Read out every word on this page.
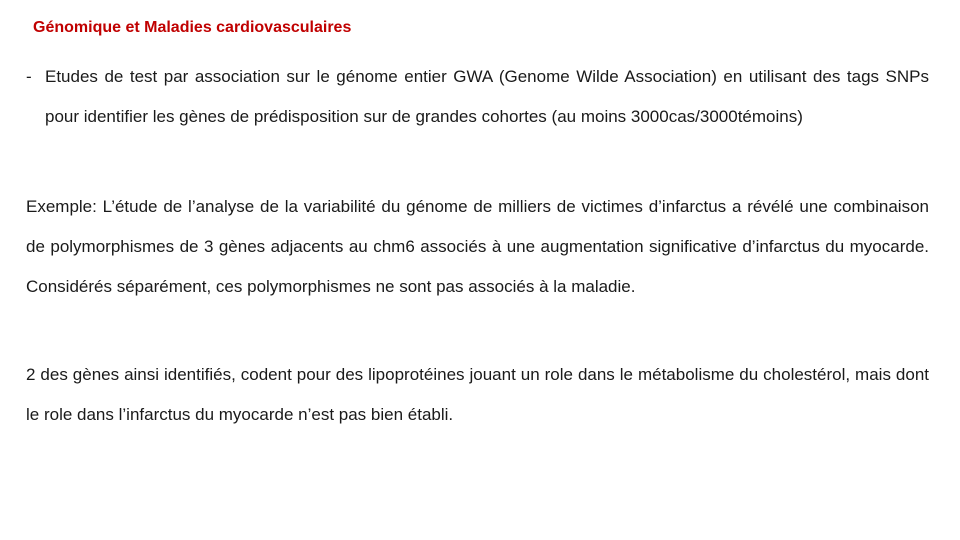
Génomique et Maladies cardiovasculaires
- Etudes de test par association sur le génome entier GWA (Genome Wilde Association) en utilisant des tags SNPs pour identifier les gènes de prédisposition sur de grandes cohortes (au moins 3000cas/3000témoins)
Exemple: L’étude de l’analyse de la variabilité du génome de milliers de victimes d’infarctus a révélé une combinaison de polymorphismes de 3 gènes adjacents au chm6 associés à une augmentation significative d’infarctus du myocarde. Considérés séparément, ces polymorphismes ne sont pas associés à la maladie.
2 des gènes ainsi identifiés, codent pour des lipoprotéines jouant un role dans le métabolisme du cholestérol, mais dont le role dans l’infarctus du myocarde n’est pas bien établi.
